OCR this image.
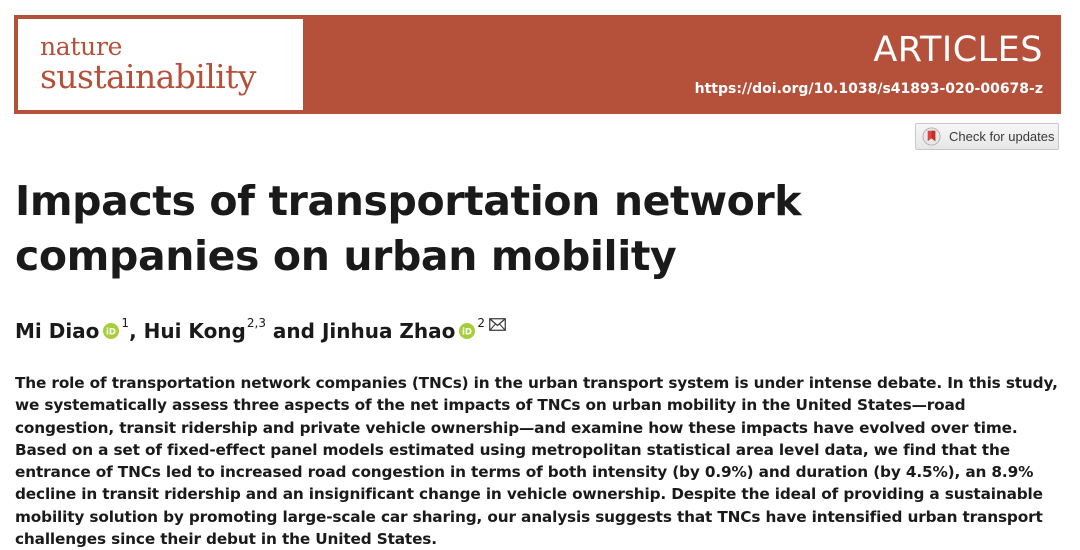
nature
sustainability
ARTICLES
https://doi.org/10.1038/s41893-020-00678-z
Check for updates
Impacts of transportation network companies on urban mobility
Mi Diao iD
1 , Hui Kong 2,3 and Jinhua Zhao iD
2

The role of transportation network companies (TNCs) in the urban transport system is under intense debate. In this study, we systematically assess three aspects of the net impacts of TNCs on urban mobility in the United States—road congestion, transit ridership and private vehicle ownership—and examine how these impacts have evolved over time. Based on a set of fixed-effect panel models estimated using metropolitan statistical area level data, we find that the entrance of TNCs led to increased road congestion in terms of both intensity (by 0.9%) and duration (by 4.5%), an 8.9% decline in transit ridership and an insignificant change in vehicle ownership. Despite the ideal of providing a sustainable mobility solution by promoting large-scale car sharing, our analysis suggests that TNCs have intensified urban transport challenges since their debut in the United States.
